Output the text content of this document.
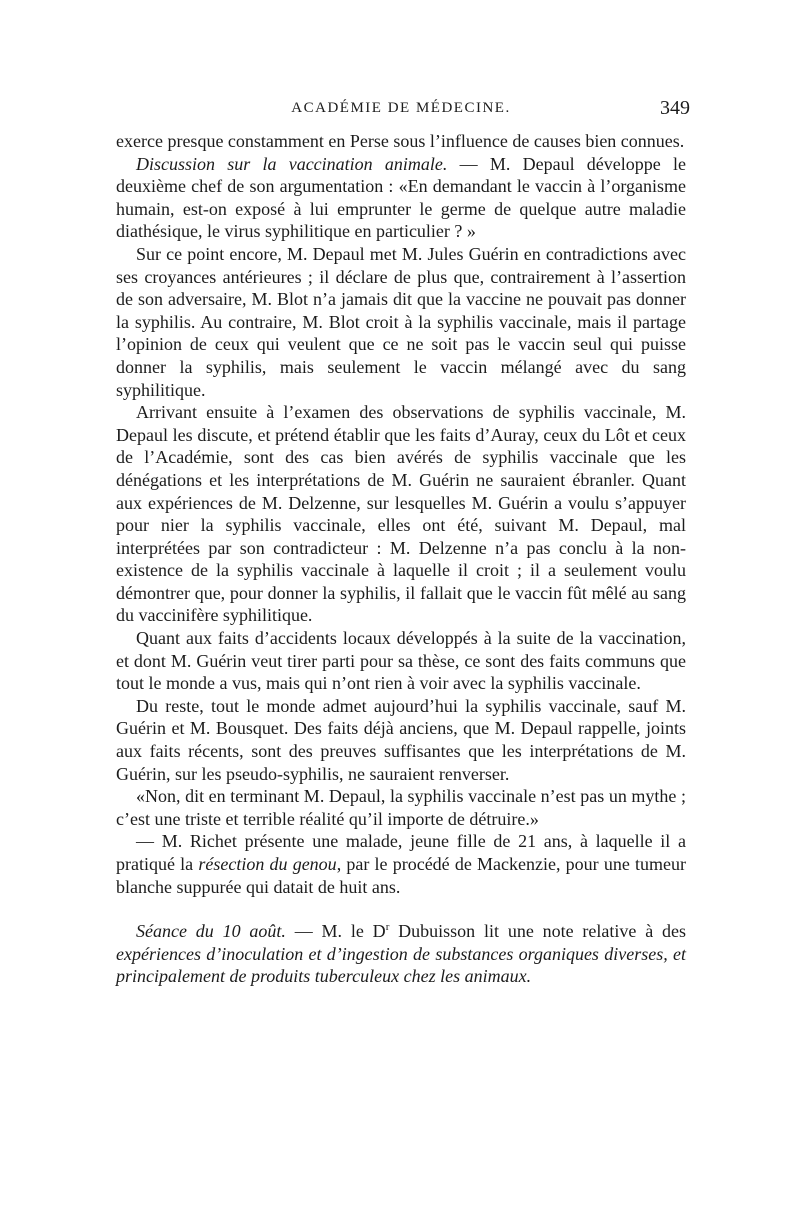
ACADÉMIE DE MÉDECINE.	349

exerce presque constamment en Perse sous l’influence de causes bien connues.

Discussion sur la vaccination animale. — M. Depaul développe le deuxième chef de son argumentation : «En demandant le vaccin à l’organisme humain, est-on exposé à lui emprunter le germe de quelque autre maladie diathésique, le virus syphilitique en particulier ? »

Sur ce point encore, M. Depaul met M. Jules Guérin en contradictions avec ses croyances antérieures ; il déclare de plus que, contrairement à l’assertion de son adversaire, M. Blot n’a jamais dit que la vaccine ne pouvait pas donner la syphilis. Au contraire, M. Blot croit à la syphilis vaccinale, mais il partage l’opinion de ceux qui veulent que ce ne soit pas le vaccin seul qui puisse donner la syphilis, mais seulement le vaccin mélangé avec du sang syphilitique.

Arrivant ensuite à l’examen des observations de syphilis vaccinale, M. Depaul les discute, et prétend établir que les faits d’Auray, ceux du Lôt et ceux de l’Académie, sont des cas bien avérés de syphilis vaccinale que les dénégations et les interprétations de M. Guérin ne sauraient ébranler. Quant aux expériences de M. Delzenne, sur lesquelles M. Guérin a voulu s’appuyer pour nier la syphilis vaccinale, elles ont été, suivant M. Depaul, mal interprétées par son contradicteur : M. Delzenne n’a pas conclu à la non-existence de la syphilis vaccinale à laquelle il croit ; il a seulement voulu démontrer que, pour donner la syphilis, il fallait que le vaccin fût mêlé au sang du vaccinifère syphilitique.

Quant aux faits d’accidents locaux développés à la suite de la vaccination, et dont M. Guérin veut tirer parti pour sa thèse, ce sont des faits communs que tout le monde a vus, mais qui n’ont rien à voir avec la syphilis vaccinale.

Du reste, tout le monde admet aujourd’hui la syphilis vaccinale, sauf M. Guérin et M. Bousquet. Des faits déjà anciens, que M. Depaul rappelle, joints aux faits récents, sont des preuves suffisantes que les interprétations de M. Guérin, sur les pseudo-syphilis, ne sauraient renverser.

«Non, dit en terminant M. Depaul, la syphilis vaccinale n’est pas un mythe ; c’est une triste et terrible réalité qu’il importe de détruire.»

— M. Richet présente une malade, jeune fille de 21 ans, à laquelle il a pratiqué la résection du genou, par le procédé de Mackenzie, pour une tumeur blanche suppurée qui datait de huit ans.

Séance du 10 août. — M. le $D^r$ Dubuisson lit une note relative à des expériences d’inoculation et d’ingestion de substances organiques diverses, et principalement de produits tuberculeux chez les animaux.
